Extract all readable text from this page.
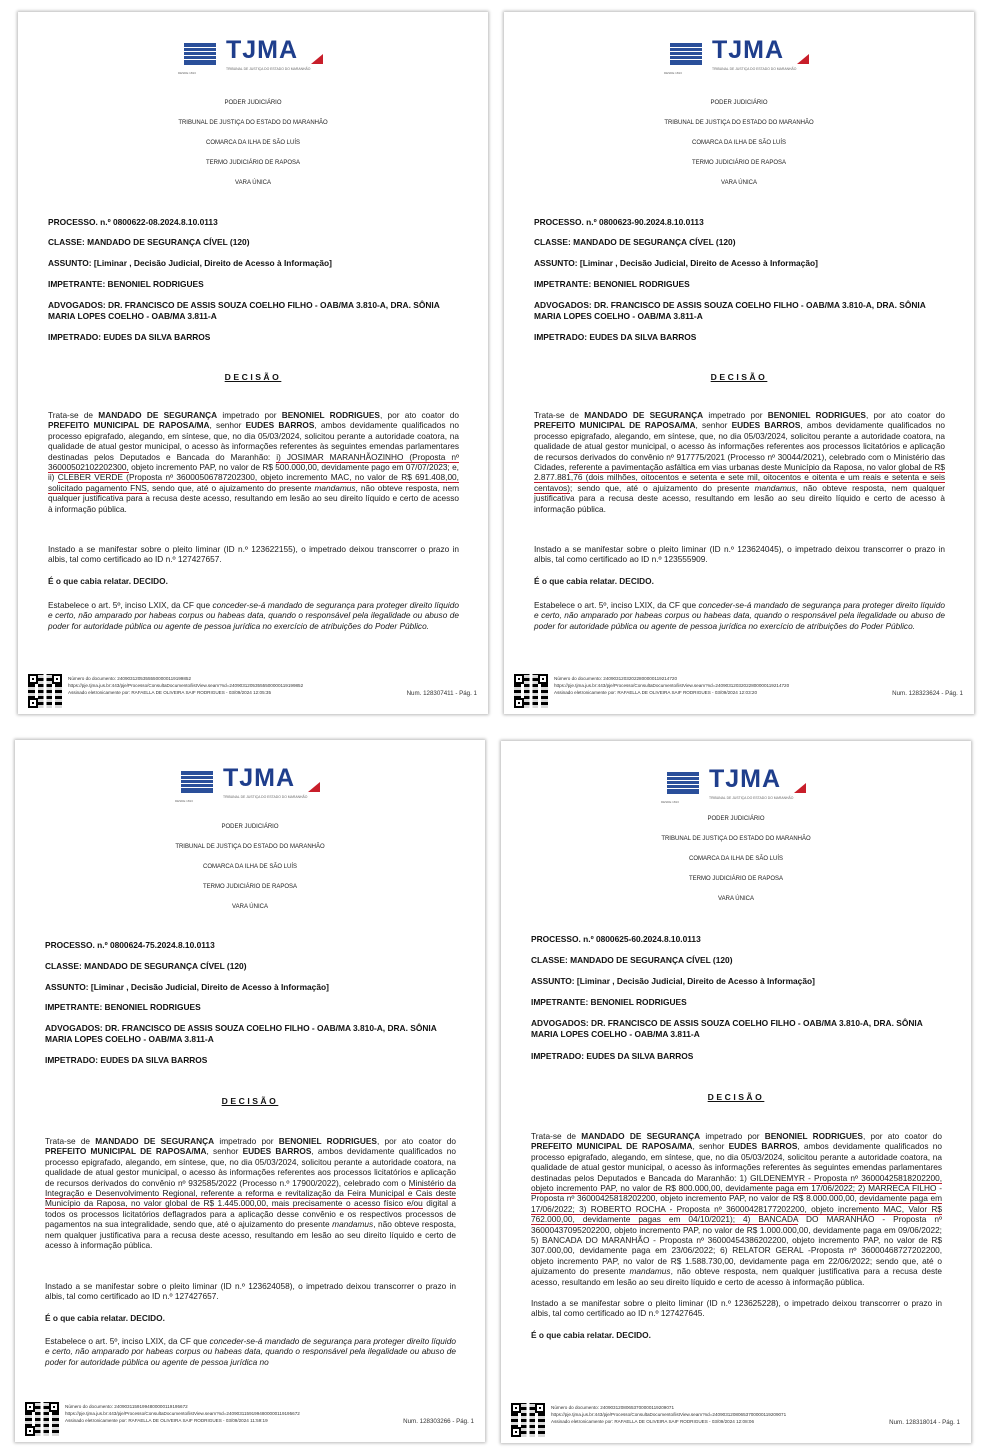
TJMA
TRIBUNAL DE JUSTIÇA DO ESTADO DO MARANHÃO
DESDE 1813
PODER JUDICIÁRIO
TRIBUNAL DE JUSTIÇA DO ESTADO DO MARANHÃO
COMARCA DA ILHA DE SÃO LUÍS
TERMO JUDICIÁRIO DE RAPOSA
VARA ÚNICA
PROCESSO. n.º 0800622-08.2024.8.10.0113
CLASSE: MANDADO DE SEGURANÇA CÍVEL (120)
ASSUNTO: [Liminar , Decisão Judicial, Direito de Acesso à Informação]
IMPETRANTE: BENONIEL RODRIGUES
ADVOGADOS: DR. FRANCISCO DE ASSIS SOUZA COELHO FILHO - OAB/MA 3.810-A, DRA. SÔNIA MARIA LOPES COELHO - OAB/MA 3.811-A
IMPETRADO: EUDES DA SILVA BARROS
DECISÃO
Trata-se de MANDADO DE SEGURANÇA impetrado por BENONIEL RODRIGUES, por ato coator do PREFEITO MUNICIPAL DE RAPOSA/MA, senhor EUDES BARROS, ambos devidamente qualificados no processo epigrafado, alegando, em síntese, que, no dia 05/03/2024, solicitou perante a autoridade coatora, na qualidade de atual gestor municipal, o acesso às informações referentes às seguintes emendas parlamentares destinadas pelos Deputados e Bancada do Maranhão: i) JOSIMAR MARANHÃOZINHO (Proposta nº 36000502102202300, objeto incremento PAP, no valor de R$ 500.000,00, devidamente pago em 07/07/2023; e, ii) CLEBER VERDE (Proposta nº 36000506787202300, objeto incremento MAC, no valor de R$ 691.408,00, solicitado pagamento FNS, sendo que, até o ajuizamento do presente mandamus, não obteve resposta, nem qualquer justificativa para a recusa deste acesso, resultando em lesão ao seu direito líquido e certo de acesso à informação pública.
Instado a se manifestar sobre o pleito liminar (ID n.º 123622155), o impetrado deixou transcorrer o prazo in albis, tal como certificado ao ID n.º 127427657.
É o que cabia relatar. DECIDO.
Estabelece o art. 5º, inciso LXIX, da CF que conceder-se-á mandado de segurança para proteger direito líquido e certo, não amparado por habeas corpus ou habeas data, quando o responsável pela ilegalidade ou abuso de poder for autoridade pública ou agente de pessoa jurídica no exercício de atribuições do Poder Público.
Número do documento: 24090312053555500000119199852
https://pje.tjma.jus.br:443/pje/Processo/ConsultaDocumento/listView.seam?nd=24090312053555500000119199852
Assinado eletronicamente por: RAFAELLA DE OLIVEIRA SAIF RODRIGUES - 03/09/2024 12:05:35	Num. 128307411 - Pág. 1
TJMA
TRIBUNAL DE JUSTIÇA DO ESTADO DO MARANHÃO
DESDE 1813
PODER JUDICIÁRIO
TRIBUNAL DE JUSTIÇA DO ESTADO DO MARANHÃO
COMARCA DA ILHA DE SÃO LUÍS
TERMO JUDICIÁRIO DE RAPOSA
VARA ÚNICA
PROCESSO. n.º 0800623-90.2024.8.10.0113
CLASSE: MANDADO DE SEGURANÇA CÍVEL (120)
ASSUNTO: [Liminar , Decisão Judicial, Direito de Acesso à Informação]
IMPETRANTE: BENONIEL RODRIGUES
ADVOGADOS: DR. FRANCISCO DE ASSIS SOUZA COELHO FILHO - OAB/MA 3.810-A, DRA. SÔNIA MARIA LOPES COELHO - OAB/MA 3.811-A
IMPETRADO: EUDES DA SILVA BARROS
DECISÃO
Trata-se de MANDADO DE SEGURANÇA impetrado por BENONIEL RODRIGUES, por ato coator do PREFEITO MUNICIPAL DE RAPOSA/MA, senhor EUDES BARROS, ambos devidamente qualificados no processo epigrafado, alegando, em síntese, que, no dia 05/03/2024, solicitou perante a autoridade coatora, na qualidade de atual gestor municipal, o acesso às informações referentes aos processos licitatórios e aplicação de recursos derivados do convênio nº 917775/2021 (Processo nº 30044/2021), celebrado com o Ministério das Cidades, referente a pavimentação asfáltica em vias urbanas deste Município da Raposa, no valor global de R$ 2.877.881,76 (dois milhões, oitocentos e setenta e sete mil, oitocentos e oitenta e um reais e setenta e seis centavos); sendo que, até o ajuizamento do presente mandamus, não obteve resposta, nem qualquer justificativa para a recusa deste acesso, resultando em lesão ao seu direito líquido e certo de acesso à informação pública.
Instado a se manifestar sobre o pleito liminar (ID n.º 123624045), o impetrado deixou transcorrer o prazo in albis, tal como certificado ao ID n.º 123555909.
É o que cabia relatar. DECIDO.
Estabelece o art. 5º, inciso LXIX, da CF que conceder-se-á mandado de segurança para proteger direito líquido e certo, não amparado por habeas corpus ou habeas data, quando o responsável pela ilegalidade ou abuso de poder for autoridade pública ou agente de pessoa jurídica no exercício de atribuições do Poder Público.
Número do documento: 24090312032022800000119214720
https://pje.tjma.jus.br:443/pje/Processo/ConsultaDocumento/listView.seam?nd=24090312032022800000119214720
Assinado eletronicamente por: RAFAELLA DE OLIVEIRA SAIF RODRIGUES - 03/09/2024 12:03:20	Num. 128323624 - Pág. 1
TJMA
TRIBUNAL DE JUSTIÇA DO ESTADO DO MARANHÃO
DESDE 1813
PODER JUDICIÁRIO
TRIBUNAL DE JUSTIÇA DO ESTADO DO MARANHÃO
COMARCA DA ILHA DE SÃO LUÍS
TERMO JUDICIÁRIO DE RAPOSA
VARA ÚNICA
PROCESSO. n.º 0800624-75.2024.8.10.0113
CLASSE: MANDADO DE SEGURANÇA CÍVEL (120)
ASSUNTO: [Liminar , Decisão Judicial, Direito de Acesso à Informação]
IMPETRANTE: BENONIEL RODRIGUES
ADVOGADOS: DR. FRANCISCO DE ASSIS SOUZA COELHO FILHO - OAB/MA 3.810-A, DRA. SÔNIA MARIA LOPES COELHO - OAB/MA 3.811-A
IMPETRADO: EUDES DA SILVA BARROS
DECISÃO
Trata-se de MANDADO DE SEGURANÇA impetrado por BENONIEL RODRIGUES, por ato coator do PREFEITO MUNICIPAL DE RAPOSA/MA, senhor EUDES BARROS, ambos devidamente qualificados no processo epigrafado, alegando, em síntese, que, no dia 05/03/2024, solicitou perante a autoridade coatora, na qualidade de atual gestor municipal, o acesso às informações referentes aos processos licitatórios e aplicação de recursos derivados do convênio nº 932585/2022 (Processo n.º 17900/2022), celebrado com o Ministério da Integração e Desenvolvimento Regional, referente a reforma e revitalização da Feira Municipal e Cais deste Município da Raposa, no valor global de R$ 1.445.000,00, mais precisamente o acesso físico e/ou digital a todos os processos licitatórios deflagrados para a aplicação desse convênio e os respectivos processos de pagamentos na sua integralidade, sendo que, até o ajuizamento do presente mandamus, não obteve resposta, nem qualquer justificativa para a recusa deste acesso, resultando em lesão ao seu direito líquido e certo de acesso à informação pública.
Instado a se manifestar sobre o pleito liminar (ID n.º 123624058), o impetrado deixou transcorrer o prazo in albis, tal como certificado ao ID n.º 127427657.
É o que cabia relatar. DECIDO.
Estabelece o art. 5º, inciso LXIX, da CF que conceder-se-á mandado de segurança para proteger direito líquido e certo, não amparado por habeas corpus ou habeas data, quando o responsável pela ilegalidade ou abuso de poder for autoridade pública ou agente de pessoa jurídica no
Número do documento: 24090311591994800000119195672
https://pje.tjma.jus.br:443/pje/Processo/ConsultaDocumento/listView.seam?nd=24090311591994800000119195672
Assinado eletronicamente por: RAFAELLA DE OLIVEIRA SAIF RODRIGUES - 03/09/2024 11:59:19	Num. 128303266 - Pág. 1
TJMA
TRIBUNAL DE JUSTIÇA DO ESTADO DO MARANHÃO
DESDE 1813
PODER JUDICIÁRIO
TRIBUNAL DE JUSTIÇA DO ESTADO DO MARANHÃO
COMARCA DA ILHA DE SÃO LUÍS
TERMO JUDICIÁRIO DE RAPOSA
VARA ÚNICA
PROCESSO. n.º 0800625-60.2024.8.10.0113
CLASSE: MANDADO DE SEGURANÇA CÍVEL (120)
ASSUNTO: [Liminar , Decisão Judicial, Direito de Acesso à Informação]
IMPETRANTE: BENONIEL RODRIGUES
ADVOGADOS: DR. FRANCISCO DE ASSIS SOUZA COELHO FILHO - OAB/MA 3.810-A, DRA. SÔNIA MARIA LOPES COELHO - OAB/MA 3.811-A
IMPETRADO: EUDES DA SILVA BARROS
DECISÃO
Trata-se de MANDADO DE SEGURANÇA impetrado por BENONIEL RODRIGUES, por ato coator do PREFEITO MUNICIPAL DE RAPOSA/MA, senhor EUDES BARROS, ambos devidamente qualificados no processo epigrafado, alegando, em síntese, que, no dia 05/03/2024, solicitou perante a autoridade coatora, na qualidade de atual gestor municipal, o acesso às informações referentes às seguintes emendas parlamentares destinadas pelos Deputados e Bancada do Maranhão: 1) GILDENEMYR - Proposta nº 36000425818202200, objeto incremento PAP, no valor de R$ 800.000,00, devidamente paga em 17/06/2022; 2) MARRECA FILHO - Proposta nº 36000425818202200, objeto incremento PAP, no valor de R$ 8.000.000,00, devidamente paga em 17/06/2022; 3) ROBERTO ROCHA - Proposta nº 36000428177202200, objeto incremento MAC, Valor R$ 762.000,00, devidamente pagas em 04/10/2021); 4) BANCADA DO MARANHÃO - Proposta nº 36000437095202200, objeto incremento PAP, no valor de R$ 1.000.000,00, devidamente paga em 09/06/2022; 5) BANCADA DO MARANHÃO - Proposta nº 36000454386202200, objeto incremento PAP, no valor de R$ 307.000,00, devidamente paga em 23/06/2022; 6) RELATOR GERAL -Proposta nº 36000468727202200, objeto incremento PAP, no valor de R$ 1.588.730,00, devidamente paga em 22/06/2022; sendo que, até o ajuizamento do presente mandamus, não obteve resposta, nem qualquer justificativa para a recusa deste acesso, resultando em lesão ao seu direito líquido e certo de acesso à informação pública.
Instado a se manifestar sobre o pleito liminar (ID n.º 123625228), o impetrado deixou transcorrer o prazo in albis, tal como certificado ao ID n.º 127427645.
É o que cabia relatar. DECIDO.
Número do documento: 24090312080653700000119209071
https://pje.tjma.jus.br:443/pje/Processo/ConsultaDocumento/listView.seam?nd=24090312080653700000119209071
Assinado eletronicamente por: RAFAELLA DE OLIVEIRA SAIF RODRIGUES - 03/09/2024 12:08:06	Num. 128318014 - Pág. 1
